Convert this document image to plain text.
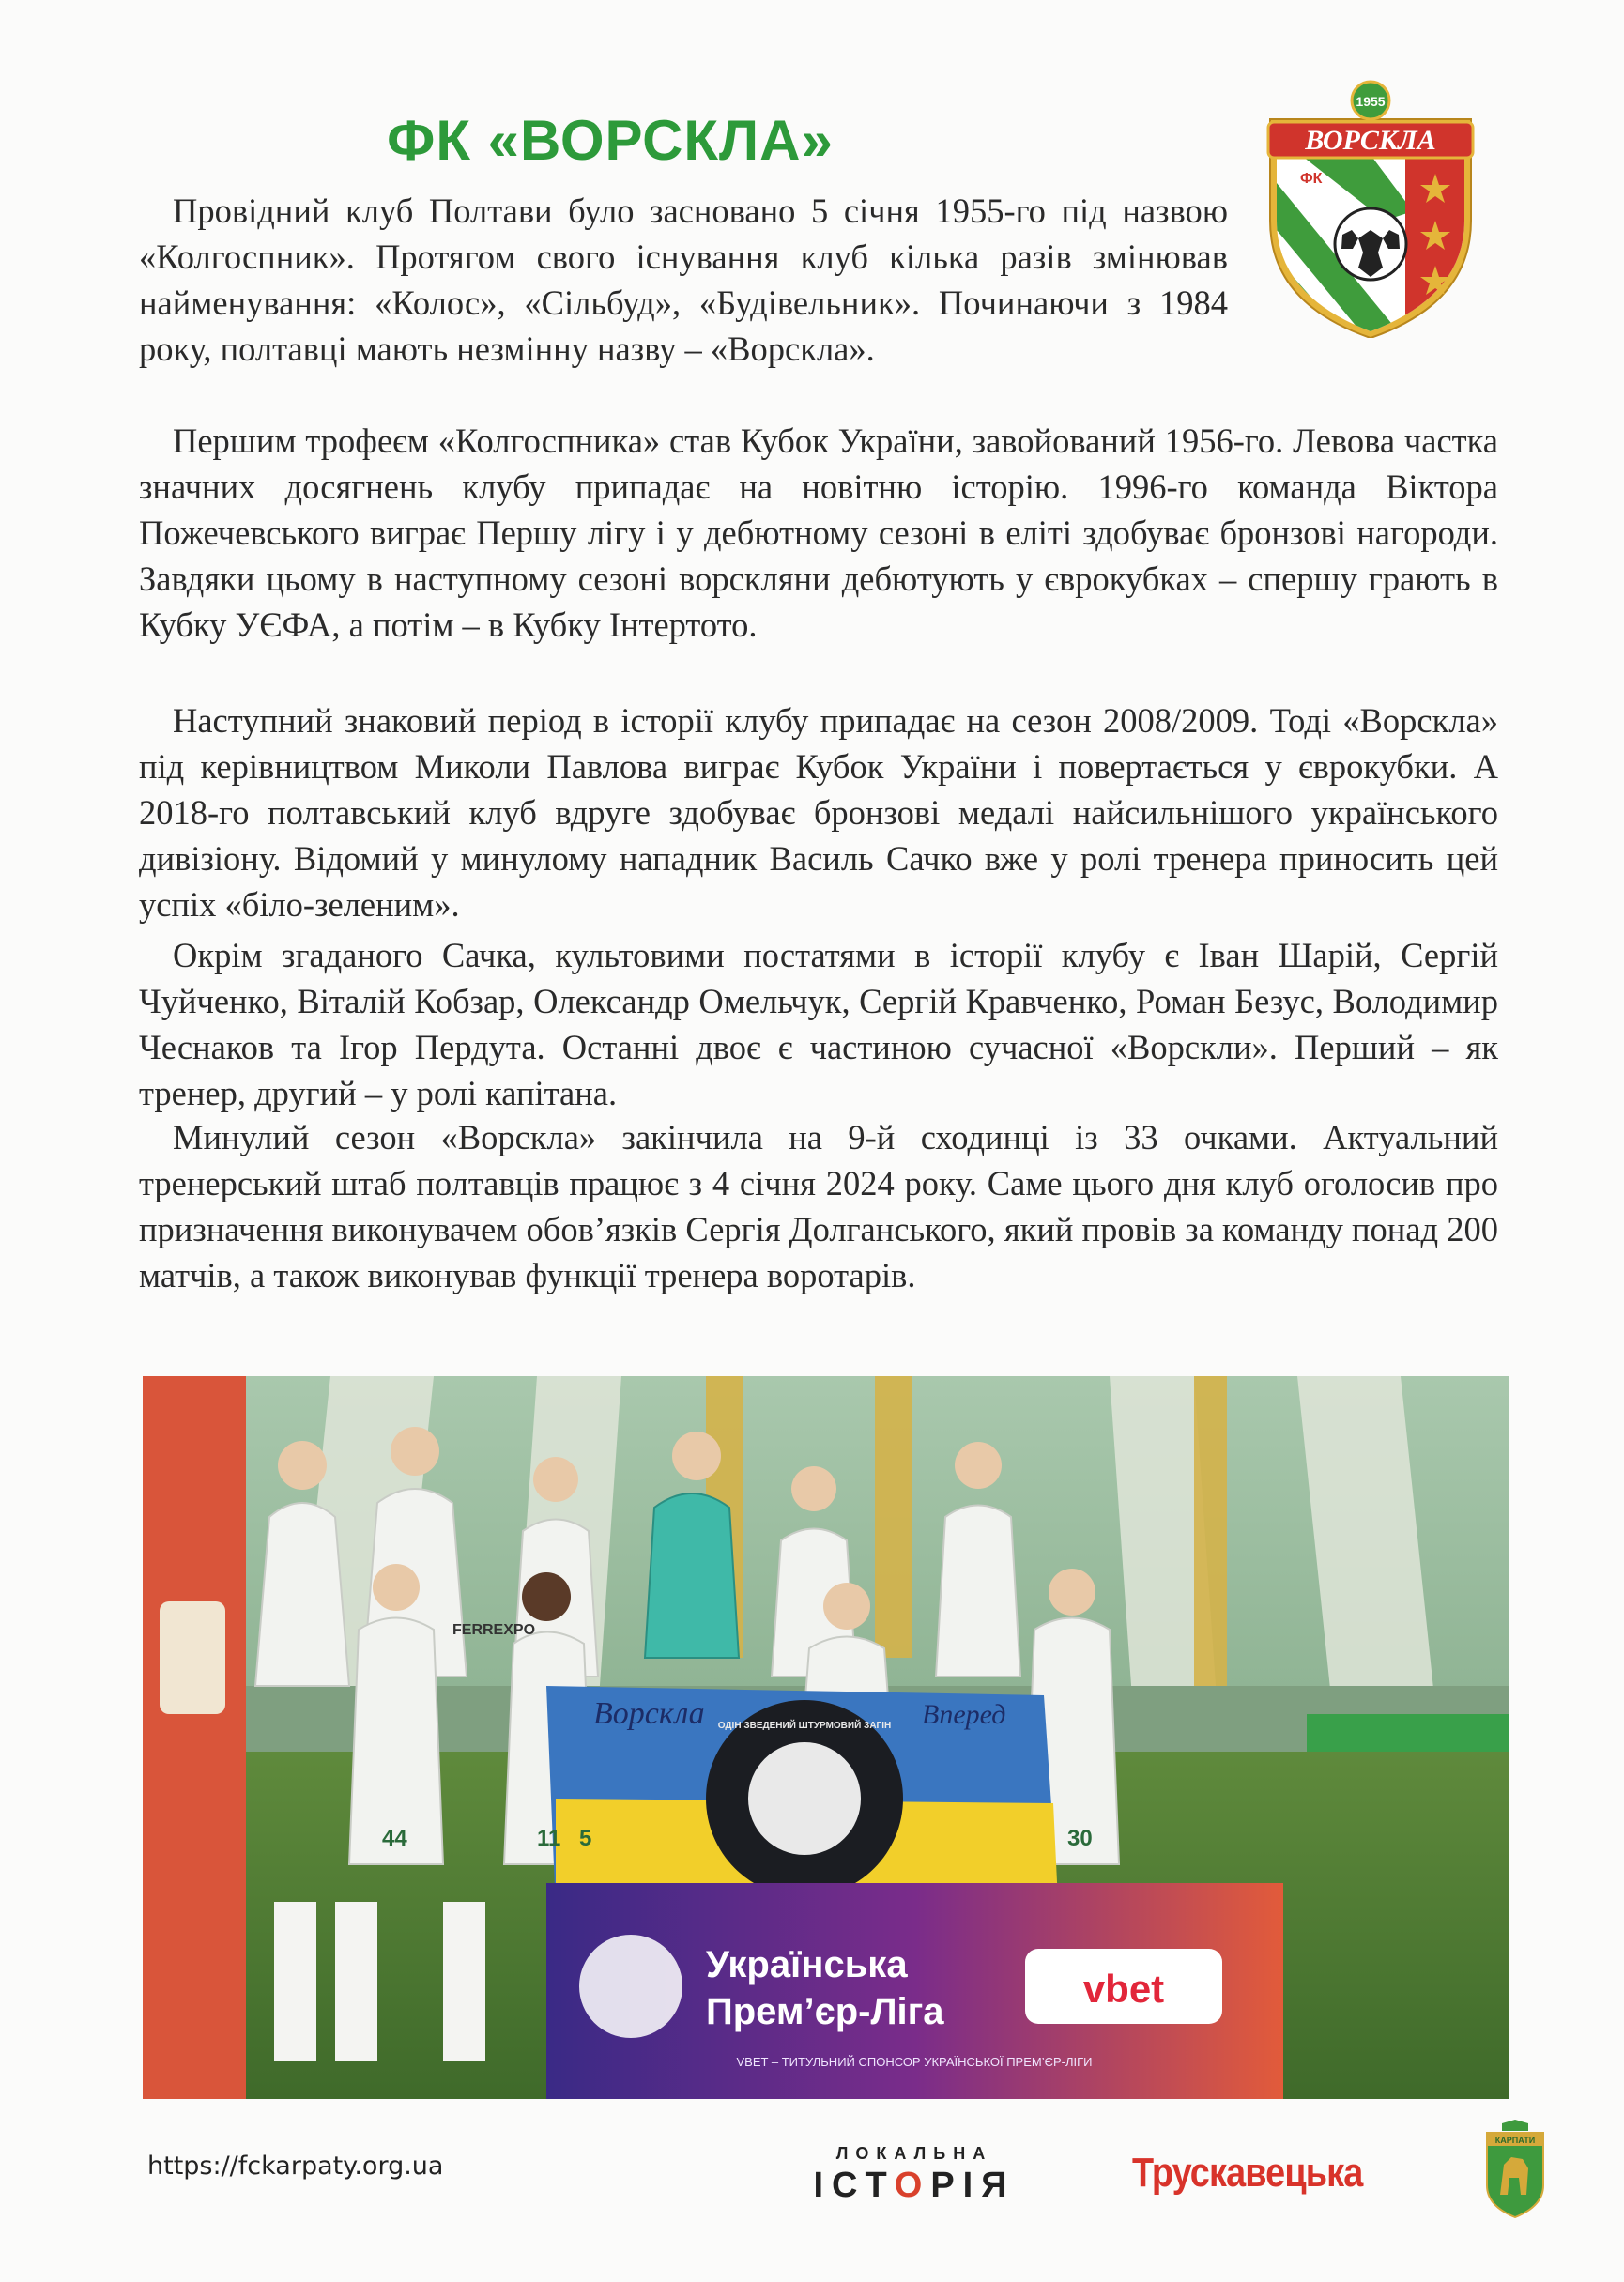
ФК «ВОРСКЛА»
1955
ВОРСКЛА
ФК

Провідний клуб Полтави було засновано 5 січня 1955-го під назвою «Колгоспник». Протягом свого існування клуб кілька разів змінював найменування: «Колос», «Сільбуд», «Будівельник». Починаючи з 1984 року, полтавці мають незмінну назву – «Ворскла».

Першим трофеєм «Колгоспника» став Кубок України, завойований 1956-го. Левова частка значних досягнень клубу припадає на новітню історію. 1996-го команда Віктора Пожечевського виграє Першу лігу і у дебютному сезоні в еліті здобуває бронзові нагороди. Завдяки цьому в наступному сезоні ворскляни дебютують у єврокубках – спершу грають в Кубку УЄФА, а потім – в Кубку Інтертото.

Наступний знаковий період в історії клубу припадає на сезон 2008/2009. Тоді «Ворскла» під керівництвом Миколи Павлова виграє Кубок України і повертається у єврокубки. А 2018-го полтавський клуб вдруге здобуває бронзові медалі найсильнішого українського дивізіону. Відомий у минулому нападник Василь Сачко вже у ролі тренера приносить цей успіх «біло-зеленим».

Окрім згаданого Сачка, культовими постатями в історії клубу є Іван Шарій, Сергій Чуйченко, Віталій Кобзар, Олександр Омельчук, Сергій Кравченко, Роман Безус, Володимир Чеснаков та Ігор Пердута. Останні двоє є частиною сучасної «Ворскли». Перший – як тренер, другий – у ролі капітана.

Минулий сезон «Ворскла» закінчила на 9-й сходинці із 33 очками. Актуальний тренерський штаб полтавців працює з 4 січня 2024 року. Саме цього дня клуб оголосив про призначення виконувачем обов’язків Сергія Долганського, який провів за команду понад 200 матчів, а також виконував функції тренера воротарів.

FERREXPO
Ворскла	Вперед
ОДІН ЗВЕДЕНИЙ ШТУРМОВИЙ ЗАГІН
44	11 5	30
Українська
Прем’єр-Ліга
vbet
VBET – ТИТУЛЬНИЙ СПОНСОР УКРАЇНСЬКОЇ ПРЕМ’ЄР-ЛІГИ
https://fckarpaty.org.ua	ЛОКАЛЬНА
ІСТОРІЯ	Трускавецька
КАРПАТИ
